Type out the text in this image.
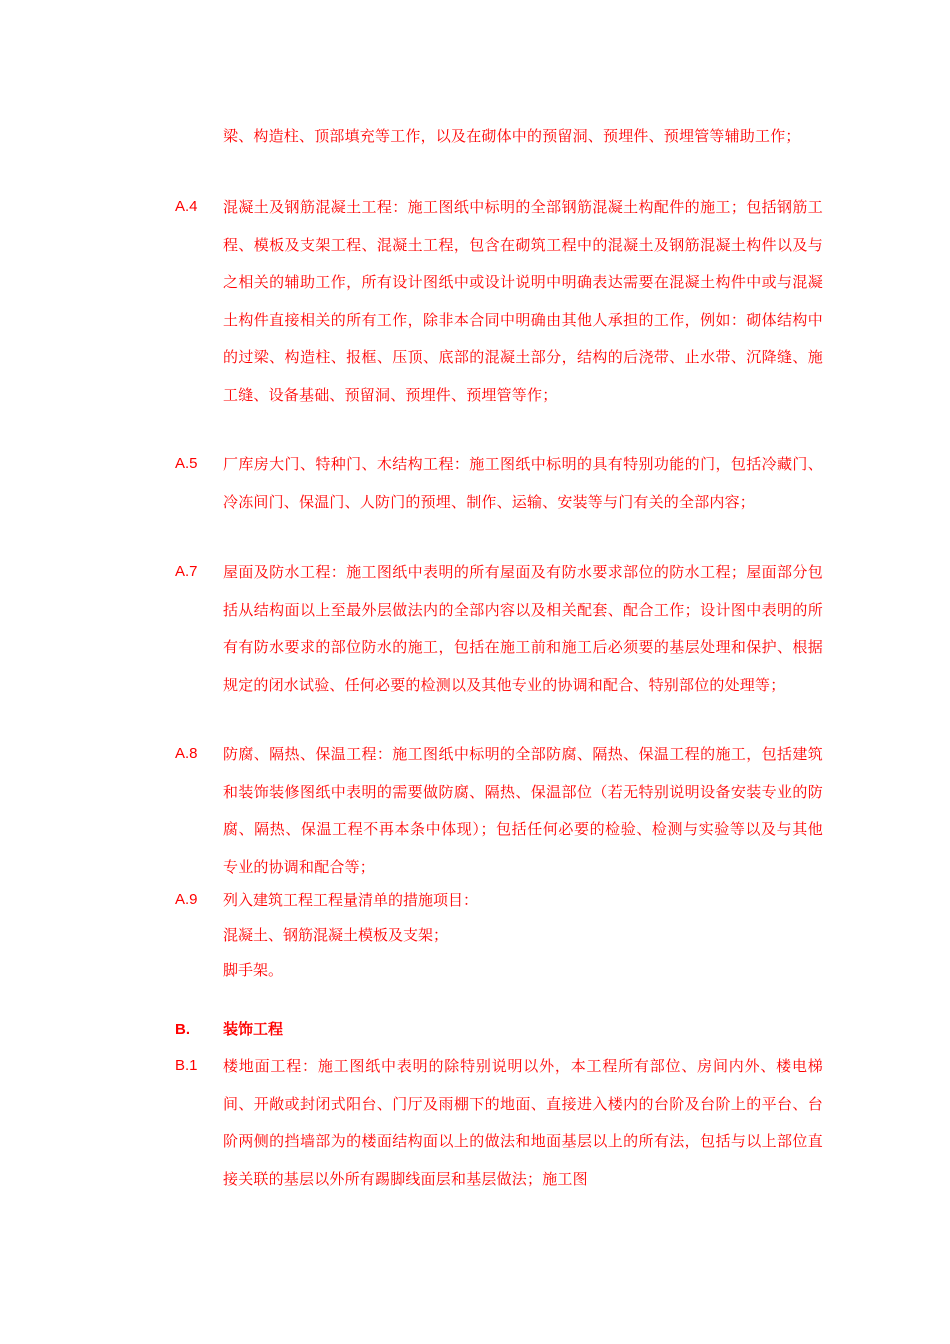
梁、构造柱、顶部填充等工作，以及在砌体中的预留洞、预埋件、预埋管等辅助工作；
A.4 混凝土及钢筋混凝土工程：施工图纸中标明的全部钢筋混凝土构配件的施工；包括钢筋工程、模板及支架工程、混凝土工程，包含在砌筑工程中的混凝土及钢筋混凝土构件以及与之相关的辅助工作，所有设计图纸中或设计说明中明确表达需要在混凝土构件中或与混凝土构件直接相关的所有工作，除非本合同中明确由其他人承担的工作，例如：砌体结构中的过梁、构造柱、报框、压顶、底部的混凝土部分，结构的后浇带、止水带、沉降缝、施工缝、设备基础、预留洞、预埋件、预埋管等作；
A.5 厂库房大门、特种门、木结构工程：施工图纸中标明的具有特别功能的门，包括冷藏门、冷冻间门、保温门、人防门的预埋、制作、运输、安装等与门有关的全部内容；
A.7 屋面及防水工程：施工图纸中表明的所有屋面及有防水要求部位的防水工程；屋面部分包括从结构面以上至最外层做法内的全部内容以及相关配套、配合工作；设计图中表明的所有有防水要求的部位防水的施工，包括在施工前和施工后必须要的基层处理和保护、根据规定的闭水试验、任何必要的检测以及其他专业的协调和配合、特别部位的处理等；
A.8 防腐、隔热、保温工程：施工图纸中标明的全部防腐、隔热、保温工程的施工，包括建筑和装饰装修图纸中表明的需要做防腐、隔热、保温部位（若无特别说明设备安装专业的防腐、隔热、保温工程不再本条中体现）；包括任何必要的检验、检测与实验等以及与其他专业的协调和配合等；
A.9 列入建筑工程工程量清单的措施项目：
混凝土、钢筋混凝土模板及支架；
脚手架。
B. 装饰工程
B.1 楼地面工程：施工图纸中表明的除特别说明以外，本工程所有部位、房间内外、楼电梯间、开敞或封闭式阳台、门厅及雨棚下的地面、直接进入楼内的台阶及台阶上的平台、台阶两侧的挡墙部为的楼面结构面以上的做法和地面基层以上的所有法，包括与以上部位直接关联的基层以外所有踢脚线面层和基层做法；施工图
